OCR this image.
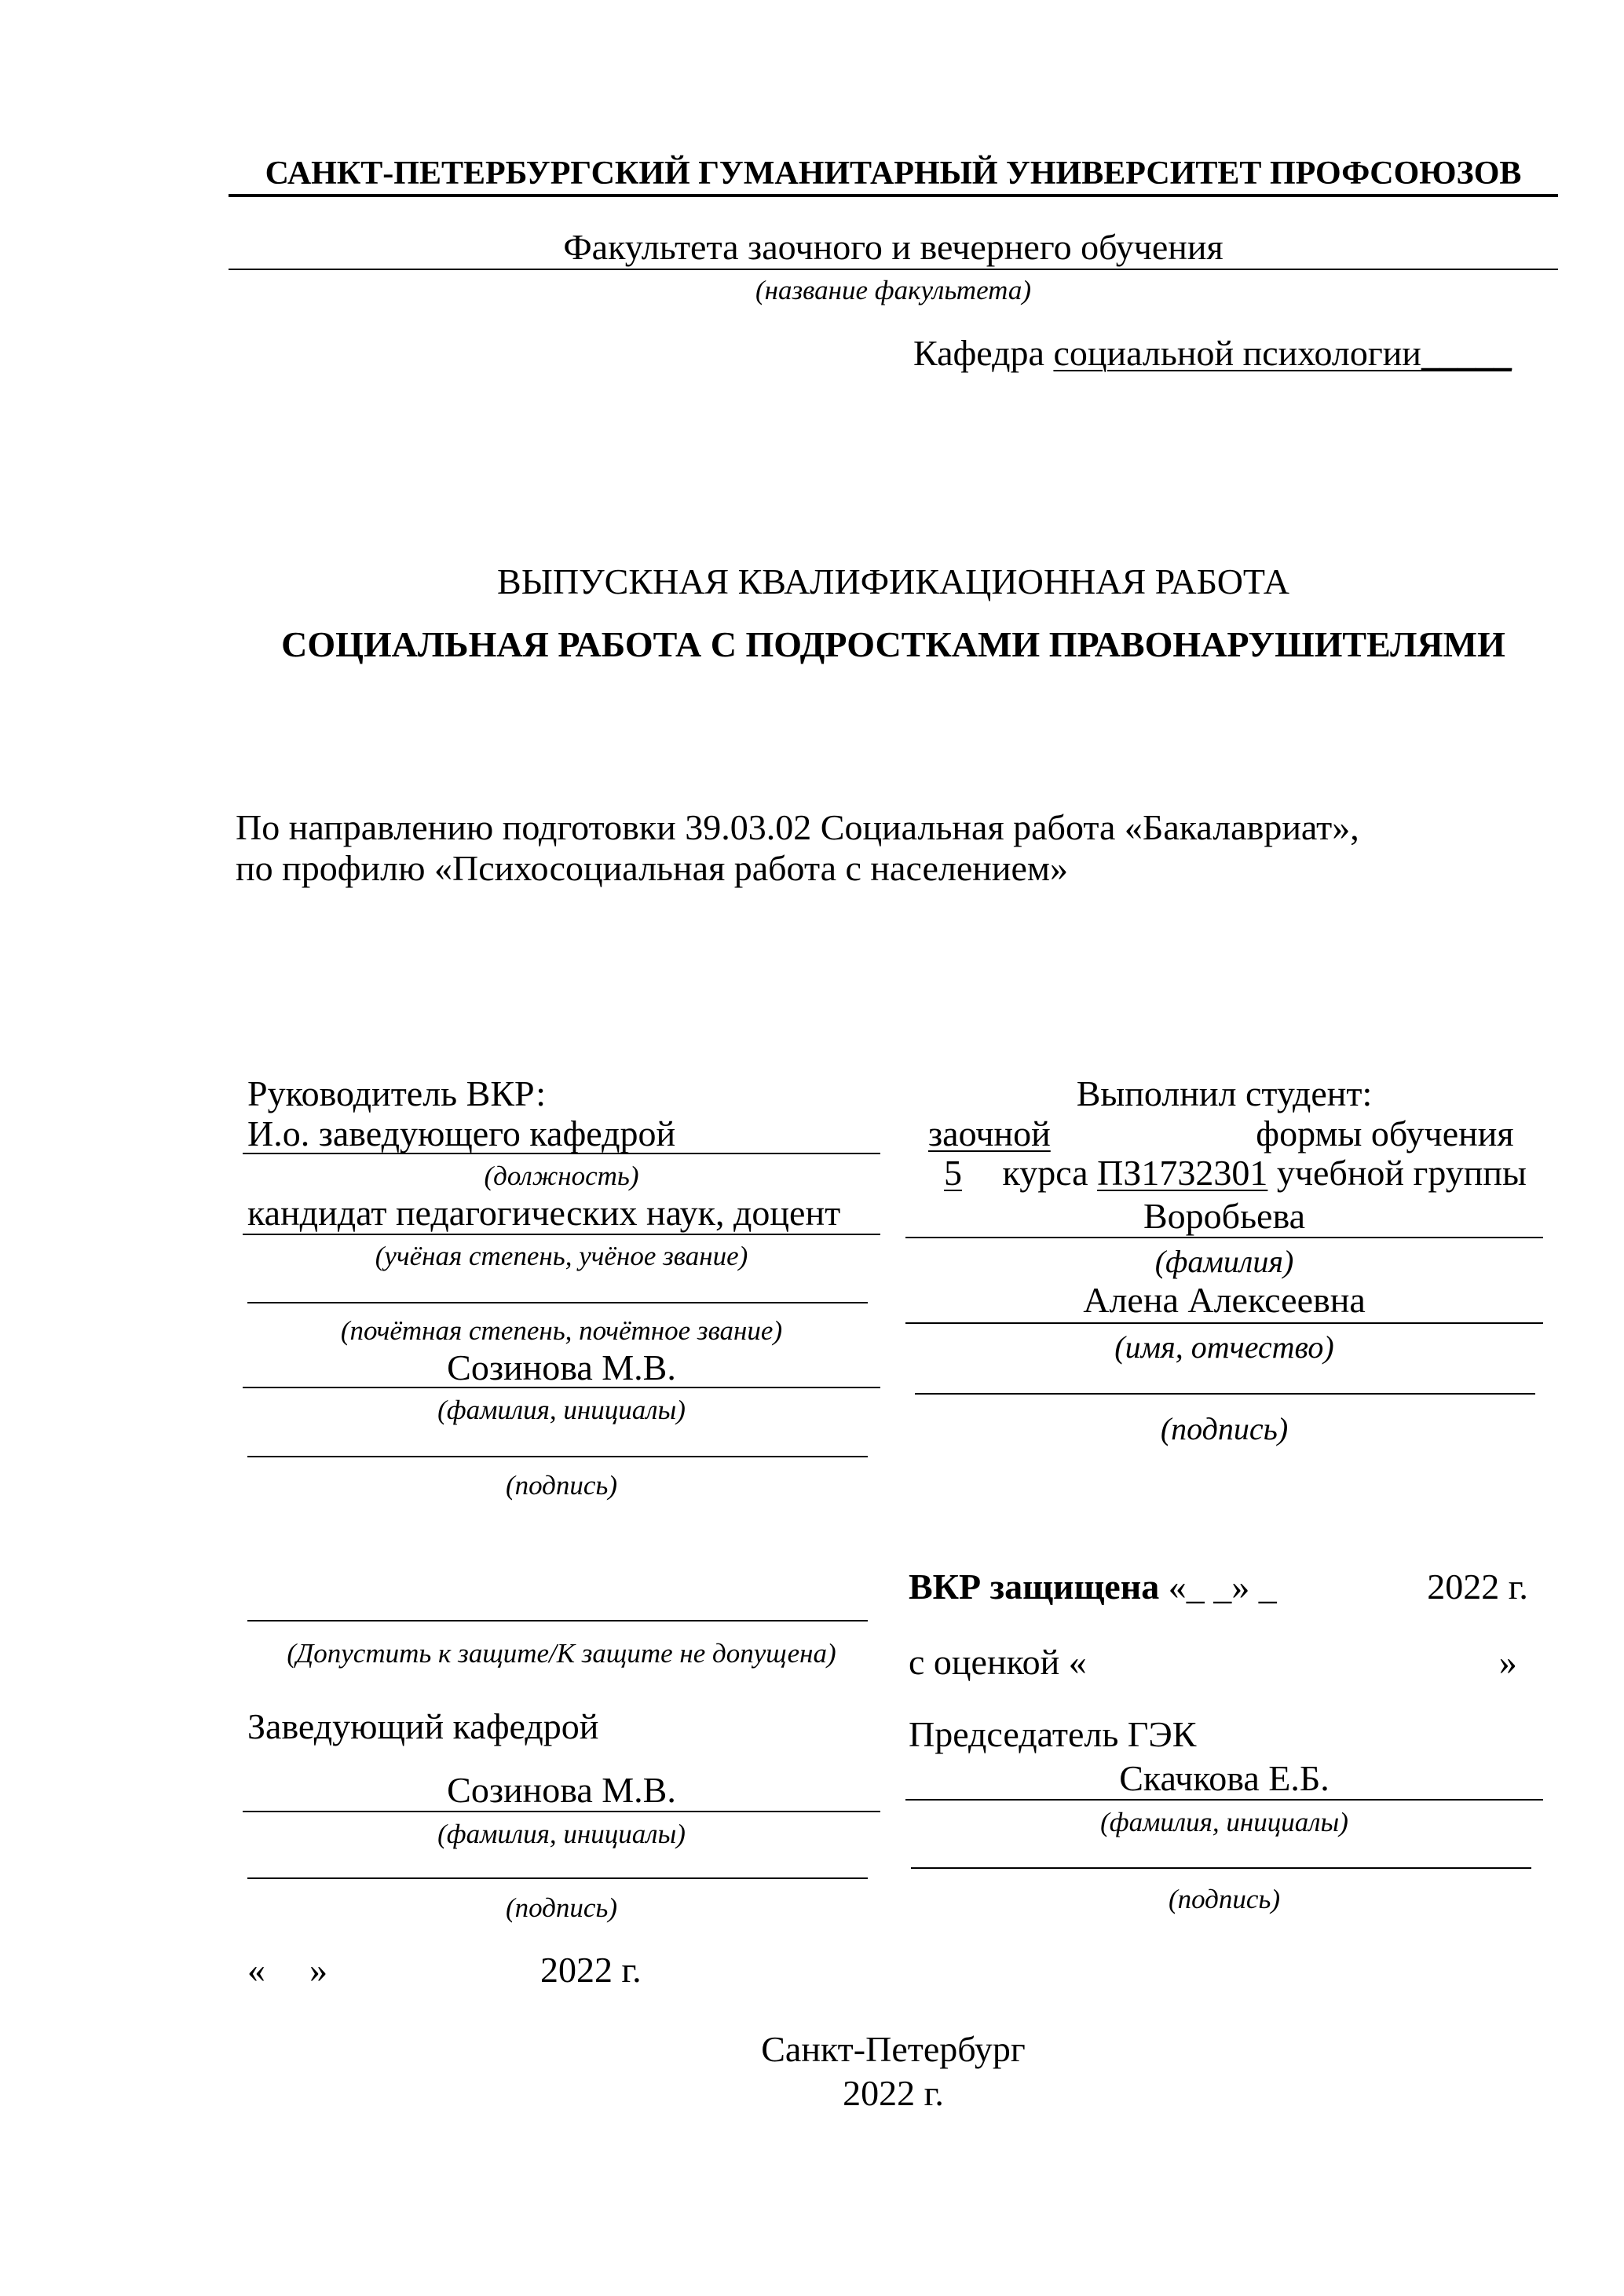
САНКТ-ПЕТЕРБУРГСКИЙ ГУМАНИТАРНЫЙ УНИВЕРСИТЕТ ПРОФСОЮЗОВ
Факультета заочного и вечернего обучения
(название факультета)
Кафедра социальной психологии_____
ВЫПУСКНАЯ КВАЛИФИКАЦИОННАЯ РАБОТА
СОЦИАЛЬНАЯ РАБОТА С ПОДРОСТКАМИ ПРАВОНАРУШИТЕЛЯМИ
По направлению подготовки 39.03.02 Социальная работа «Бакалавриат»,
по профилю «Психосоциальная работа с населением»
Руководитель ВКР:
И.о. заведующего кафедрой
(должность)
кандидат педагогических наук, доцент
(учёная степень, учёное звание)
(почётная степень, почётное звание)
Созинова М.В.
(фамилия, инициалы)
(подпись)
Выполнил студент:
заочной	формы обучения
5 курса ПЗ1732301 учебной группы
Воробьева
(фамилия)
Алена Алексеевна
(имя, отчество)
(подпись)
(Допустить к защите/К защите не допущена)
Заведующий кафедрой
Созинова М.В.
(фамилия, инициалы)
(подпись)
« »	2022 г.
ВКР защищена «_ _» _	2022 г.
с оценкой «	»
Председатель ГЭК
Скачкова Е.Б.
(фамилия, инициалы)
(подпись)
Санкт-Петербург
2022 г.
